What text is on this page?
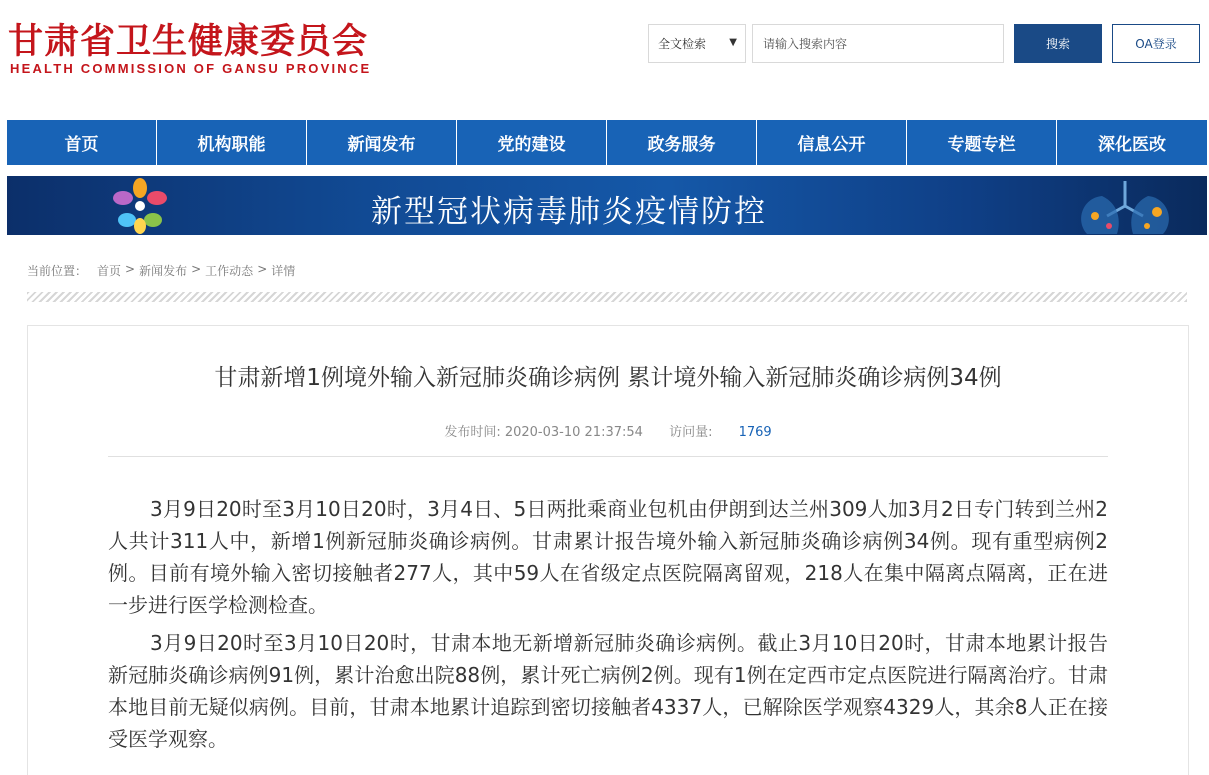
甘肃省卫生健康委员会
HEALTH COMMISSION OF GANSU PROVINCE
全文检索 ▼
请输入搜索内容	搜索	OA登录
首页	机构职能	新闻发布	党的建设	政务服务	信息公开	专题专栏	深化医改
新型冠状病毒肺炎疫情防控
当前位置： 首页 > 新闻发布 > 工作动态 > 详情
甘肃新增1例境外输入新冠肺炎确诊病例 累计境外输入新冠肺炎确诊病例34例
发布时间: 2020-03-10 21:37:54 访问量: 1769

3月9日20时至3月10日20时，3月4日、5日两批乘商业包机由伊朗到达兰州309人加3月2日专门转到兰州2人共计311人中，新增1例新冠肺炎确诊病例。甘肃累计报告境外输入新冠肺炎确诊病例34例。现有重型病例2例。目前有境外输入密切接触者277人，其中59人在省级定点医院隔离留观，218人在集中隔离点隔离，正在进一步进行医学检测检查。

3月9日20时至3月10日20时，甘肃本地无新增新冠肺炎确诊病例。截止3月10日20时，甘肃本地累计报告新冠肺炎确诊病例91例，累计治愈出院88例，累计死亡病例2例。现有1例在定西市定点医院进行隔离治疗。甘肃本地目前无疑似病例。目前，甘肃本地累计追踪到密切接触者4337人，已解除医学观察4329人，其余8人正在接受医学观察。
